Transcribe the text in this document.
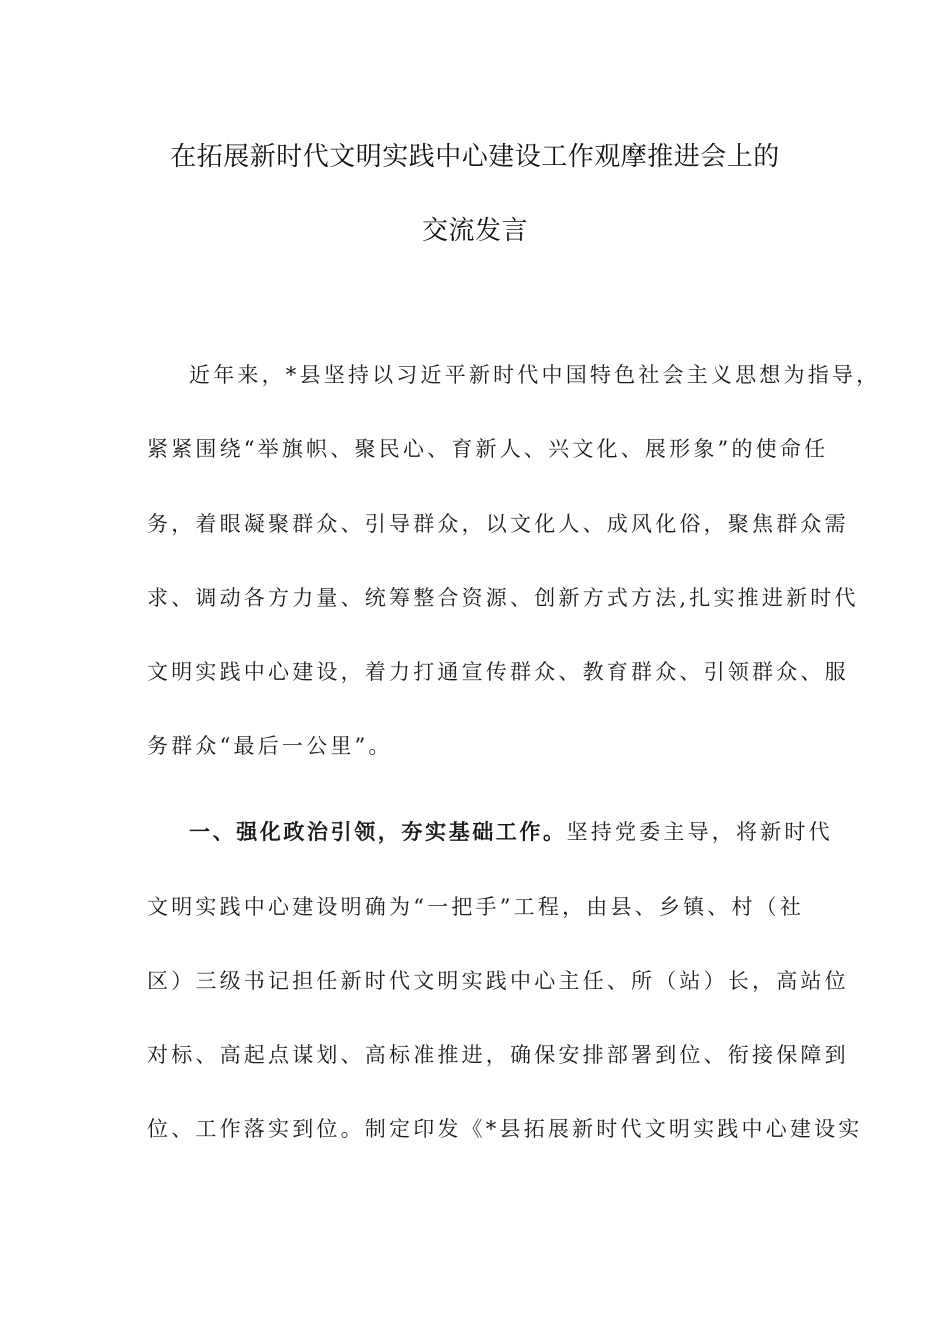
在拓展新时代文明实践中心建设工作观摩推进会上的
交流发言
近年来，*县坚持以习近平新时代中国特色社会主义思想为指导，
紧紧围绕“举旗帜、聚民心、育新人、兴文化、展形象”的使命任
务，着眼凝聚群众、引导群众，以文化人、成风化俗，聚焦群众需
求、调动各方力量、统筹整合资源、创新方式方法,扎实推进新时代
文明实践中心建设，着力打通宣传群众、教育群众、引领群众、服
务群众“最后一公里”。
一、强化政治引领，夯实基础工作。坚持党委主导，将新时代
文明实践中心建设明确为“一把手”工程，由县、乡镇、村（社
区）三级书记担任新时代文明实践中心主任、所（站）长，高站位
对标、高起点谋划、高标准推进，确保安排部署到位、衔接保障到
位、工作落实到位。制定印发《*县拓展新时代文明实践中心建设实
